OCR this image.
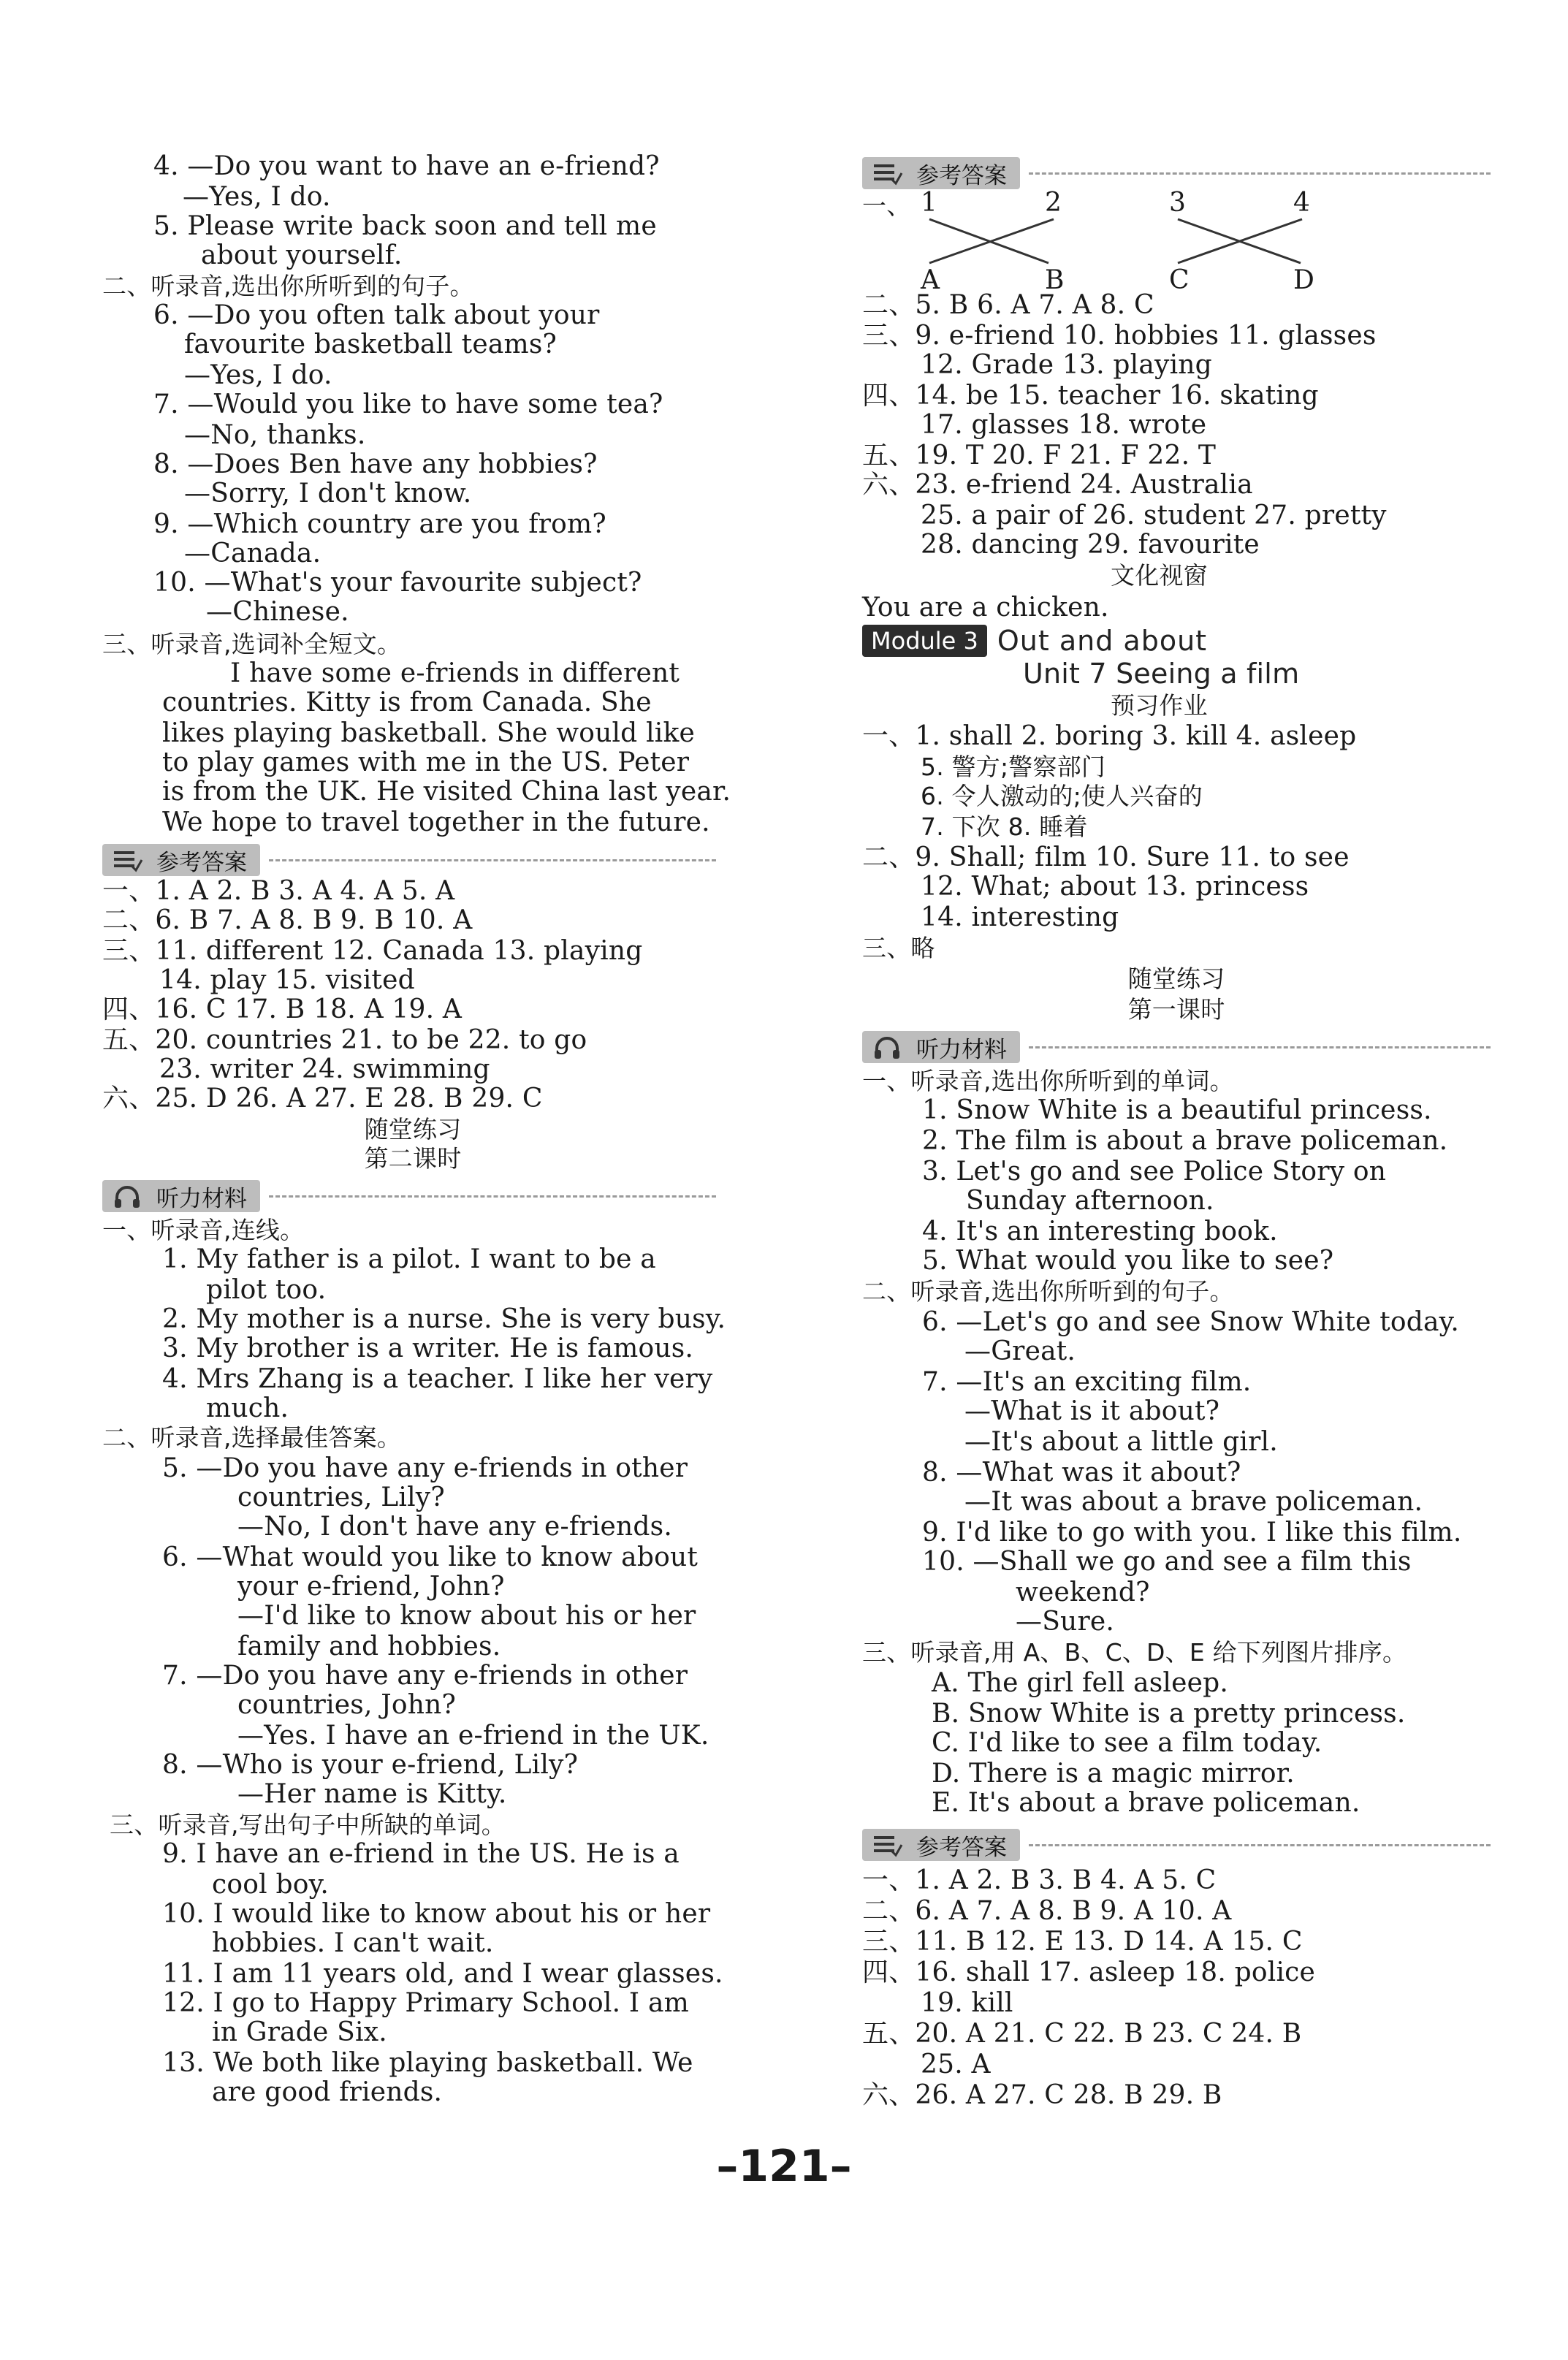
4. —Do you want to have an e-friend?
—Yes, I do.
5. Please write back soon and tell me
about yourself.
二、听录音,选出你所听到的句子。
6. —Do you often talk about your
favourite basketball teams?
—Yes, I do.
7. —Would you like to have some tea?
—No, thanks.
8. —Does Ben have any hobbies?
—Sorry, I don't know.
9. —Which country are you from?
—Canada.
10. —What's your favourite subject?
—Chinese.
三、听录音,选词补全短文。
I have some e-friends in different
countries. Kitty is from Canada. She
likes playing basketball. She would like
to play games with me in the US. Peter
is from the UK. He visited China last year.
We hope to travel together in the future.
参考答案
一、1. A 2. B 3. A 4. A 5. A
二、6. B 7. A 8. B 9. B 10. A
三、11. different 12. Canada 13. playing
14. play 15. visited
四、16. C 17. B 18. A 19. A
五、20. countries 21. to be 22. to go
23. writer 24. swimming
六、25. D 26. A 27. E 28. B 29. C
随堂练习
第二课时
听力材料
一、听录音,连线。
1. My father is a pilot. I want to be a
pilot too.
2. My mother is a nurse. She is very busy.
3. My brother is a writer. He is famous.
4. Mrs Zhang is a teacher. I like her very
much.
二、听录音,选择最佳答案。
5. —Do you have any e-friends in other
countries, Lily?
—No, I don't have any e-friends.
6. —What would you like to know about
your e-friend, John?
—I'd like to know about his or her
family and hobbies.
7. —Do you have any e-friends in other
countries, John?
—Yes. I have an e-friend in the UK.
8. —Who is your e-friend, Lily?
—Her name is Kitty.
三、听录音,写出句子中所缺的单词。
9. I have an e-friend in the US. He is a
cool boy.
10. I would like to know about his or her
hobbies. I can't wait.
11. I am 11 years old, and I wear glasses.
12. I go to Happy Primary School. I am
in Grade Six.
13. We both like playing basketball. We
are good friends.
参考答案
一、 1	2	3	4
A	B	C	D
二、5. B 6. A 7. A 8. C
三、9. e-friend 10. hobbies 11. glasses
12. Grade 13. playing
四、14. be 15. teacher 16. skating
17. glasses 18. wrote
五、19. T 20. F 21. F 22. T
六、23. e-friend 24. Australia
25. a pair of 26. student 27. pretty
28. dancing 29. favourite
文化视窗
You are a chicken.
Module 3 Out and about
Unit 7 Seeing a film
预习作业
一、1. shall 2. boring 3. kill 4. asleep
5. 警方;警察部门
6. 令人激动的;使人兴奋的
7. 下次 8. 睡着
二、9. Shall; film 10. Sure 11. to see
12. What; about 13. princess
14. interesting
三、略
随堂练习
第一课时
听力材料
一、听录音,选出你所听到的单词。
1. Snow White is a beautiful princess.
2. The film is about a brave policeman.
3. Let's go and see Police Story on
Sunday afternoon.
4. It's an interesting book.
5. What would you like to see?
二、听录音,选出你所听到的句子。
6. —Let's go and see Snow White today.
—Great.
7. —It's an exciting film.
—What is it about?
—It's about a little girl.
8. —What was it about?
—It was about a brave policeman.
9. I'd like to go with you. I like this film.
10. —Shall we go and see a film this
weekend?
—Sure.
三、听录音,用 A、B、C、D、E 给下列图片排序。
A. The girl fell asleep.
B. Snow White is a pretty princess.
C. I'd like to see a film today.
D. There is a magic mirror.
E. It's about a brave policeman.
参考答案
一、1. A 2. B 3. B 4. A 5. C
二、6. A 7. A 8. B 9. A 10. A
三、11. B 12. E 13. D 14. A 15. C
四、16. shall 17. asleep 18. police
19. kill
五、20. A 21. C 22. B 23. C 24. B
25. A
六、26. A 27. C 28. B 29. B
–121–
